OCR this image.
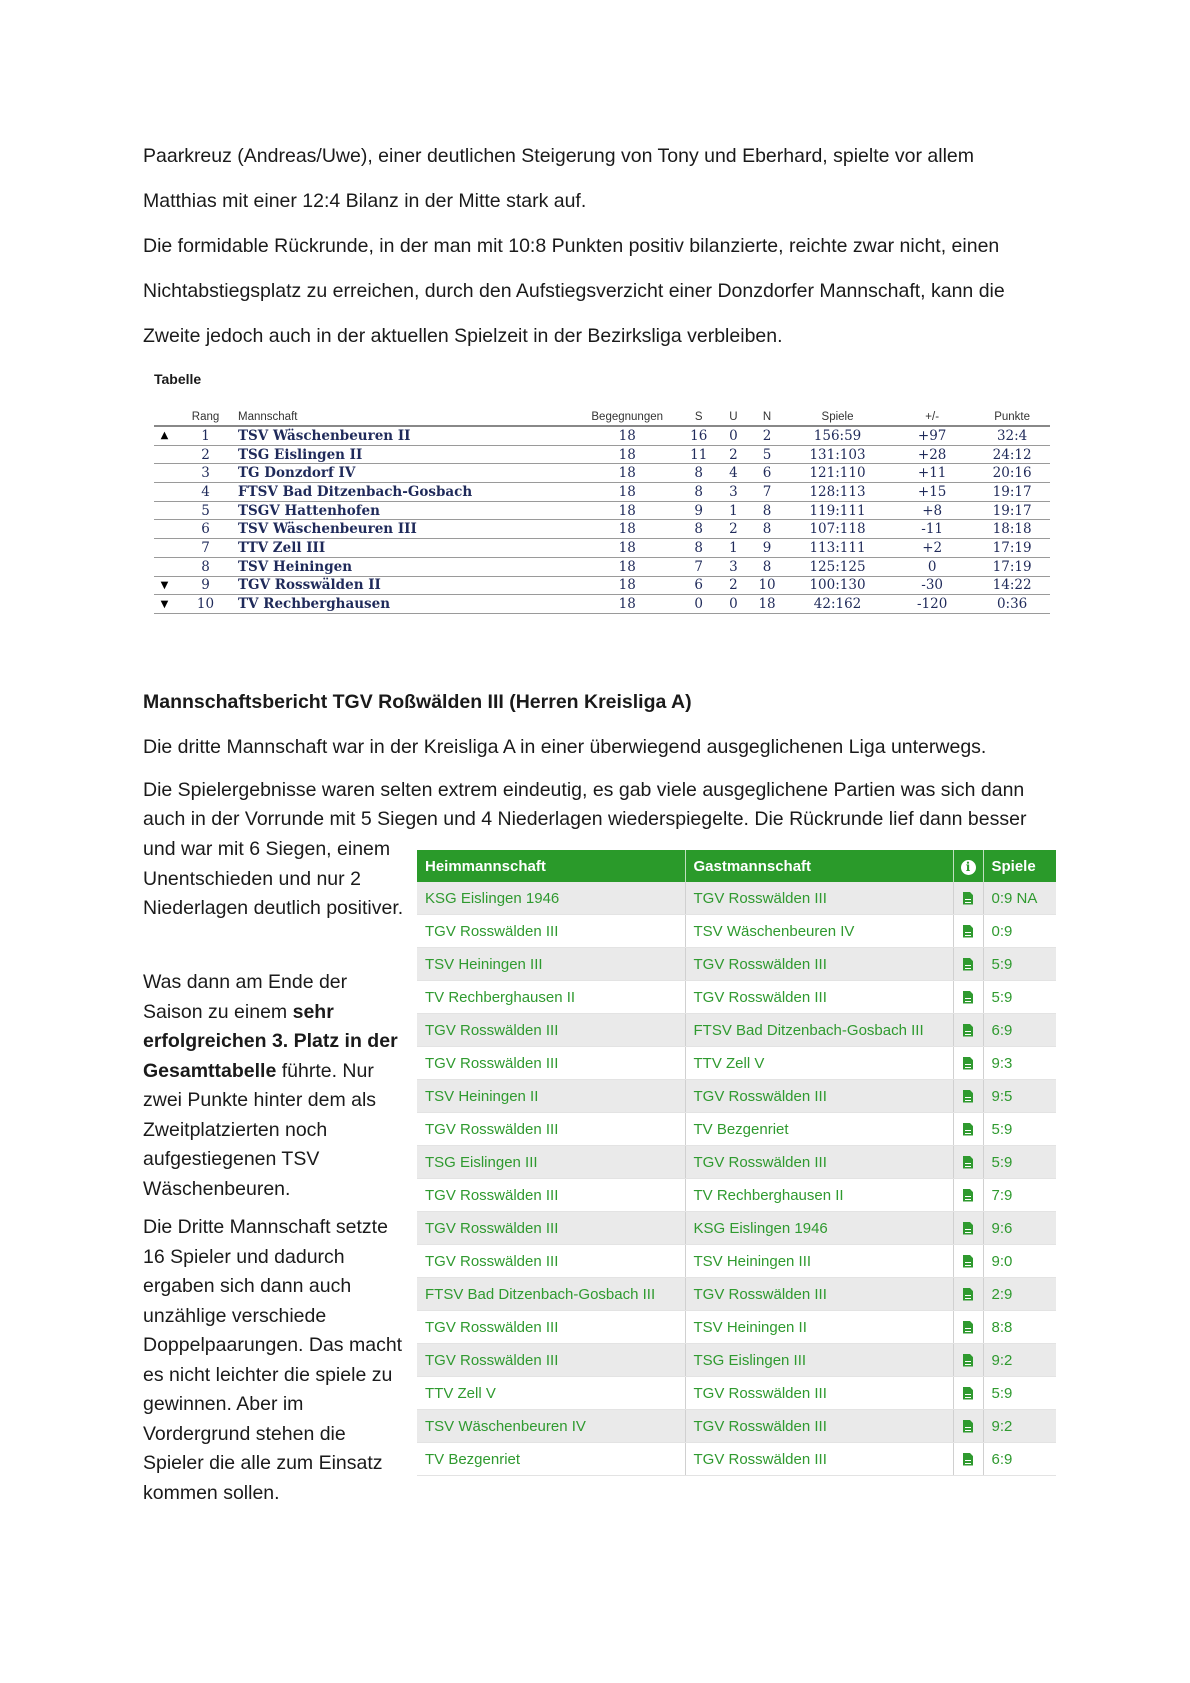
Paarkreuz (Andreas/Uwe), einer deutlichen Steigerung von Tony und Eberhard, spielte vor allem
Matthias mit einer 12:4 Bilanz in der Mitte stark auf.
Die formidable Rückrunde, in der man mit 10:8 Punkten positiv bilanzierte, reichte zwar nicht, einen
Nichtabstiegsplatz zu erreichen, durch den Aufstiegsverzicht einer Donzdorfer Mannschaft, kann die
Zweite jedoch auch in der aktuellen Spielzeit in der Bezirksliga verbleiben.
Tabelle
	Rang	Mannschaft	Begegnungen	S	U	N	Spiele	+/-	Punkte
▲	1	TSV Wäschenbeuren II	18	16	0	2	156:59	+97	32:4
	2	TSG Eislingen II	18	11	2	5	131:103	+28	24:12
	3	TG Donzdorf IV	18	8	4	6	121:110	+11	20:16
	4	FTSV Bad Ditzenbach-Gosbach	18	8	3	7	128:113	+15	19:17
	5	TSGV Hattenhofen	18	9	1	8	119:111	+8	19:17
	6	TSV Wäschenbeuren III	18	8	2	8	107:118	-11	18:18
	7	TTV Zell III	18	8	1	9	113:111	+2	17:19
	8	TSV Heiningen	18	7	3	8	125:125	0	17:19
▼	9	TGV Rosswälden II	18	6	2	10	100:130	-30	14:22
▼	10	TV Rechberghausen	18	0	0	18	42:162	-120	0:36
Mannschaftsbericht TGV Roßwälden III (Herren Kreisliga A)
Die dritte Mannschaft war in der Kreisliga A in einer überwiegend ausgeglichenen Liga unterwegs.
Die Spielergebnisse waren selten extrem eindeutig, es gab viele ausgeglichene Partien was sich dann
auch in der Vorrunde mit 5 Siegen und 4 Niederlagen wiederspiegelte. Die Rückrunde lief dann besser
und war mit 6 Siegen, einem Unentschieden und nur 2 Niederlagen deutlich positiver.
Was dann am Ende der Saison zu einem sehr erfolgreichen 3. Platz in der Gesamttabelle führte. Nur zwei Punkte hinter dem als Zweitplatzierten noch aufgestiegenen TSV Wäschenbeuren.
Die Dritte Mannschaft setzte 16 Spieler und dadurch ergaben sich dann auch unzählige verschiede Doppelpaarungen. Das macht es nicht leichter die spiele zu gewinnen. Aber im Vordergrund stehen die Spieler die alle zum Einsatz kommen sollen.
Heimmannschaft	Gastmannschaft	i	Spiele
KSG Eislingen 1946	TGV Rosswälden III		0:9 NA
TGV Rosswälden III	TSV Wäschenbeuren IV		0:9
TSV Heiningen III	TGV Rosswälden III		5:9
TV Rechberghausen II	TGV Rosswälden III		5:9
TGV Rosswälden III	FTSV Bad Ditzenbach-Gosbach III		6:9
TGV Rosswälden III	TTV Zell V		9:3
TSV Heiningen II	TGV Rosswälden III		9:5
TGV Rosswälden III	TV Bezgenriet		5:9
TSG Eislingen III	TGV Rosswälden III		5:9
TGV Rosswälden III	TV Rechberghausen II		7:9
TGV Rosswälden III	KSG Eislingen 1946		9:6
TGV Rosswälden III	TSV Heiningen III		9:0
FTSV Bad Ditzenbach-Gosbach III	TGV Rosswälden III		2:9
TGV Rosswälden III	TSV Heiningen II		8:8
TGV Rosswälden III	TSG Eislingen III		9:2
TTV Zell V	TGV Rosswälden III		5:9
TSV Wäschenbeuren IV	TGV Rosswälden III		9:2
TV Bezgenriet	TGV Rosswälden III		6:9
